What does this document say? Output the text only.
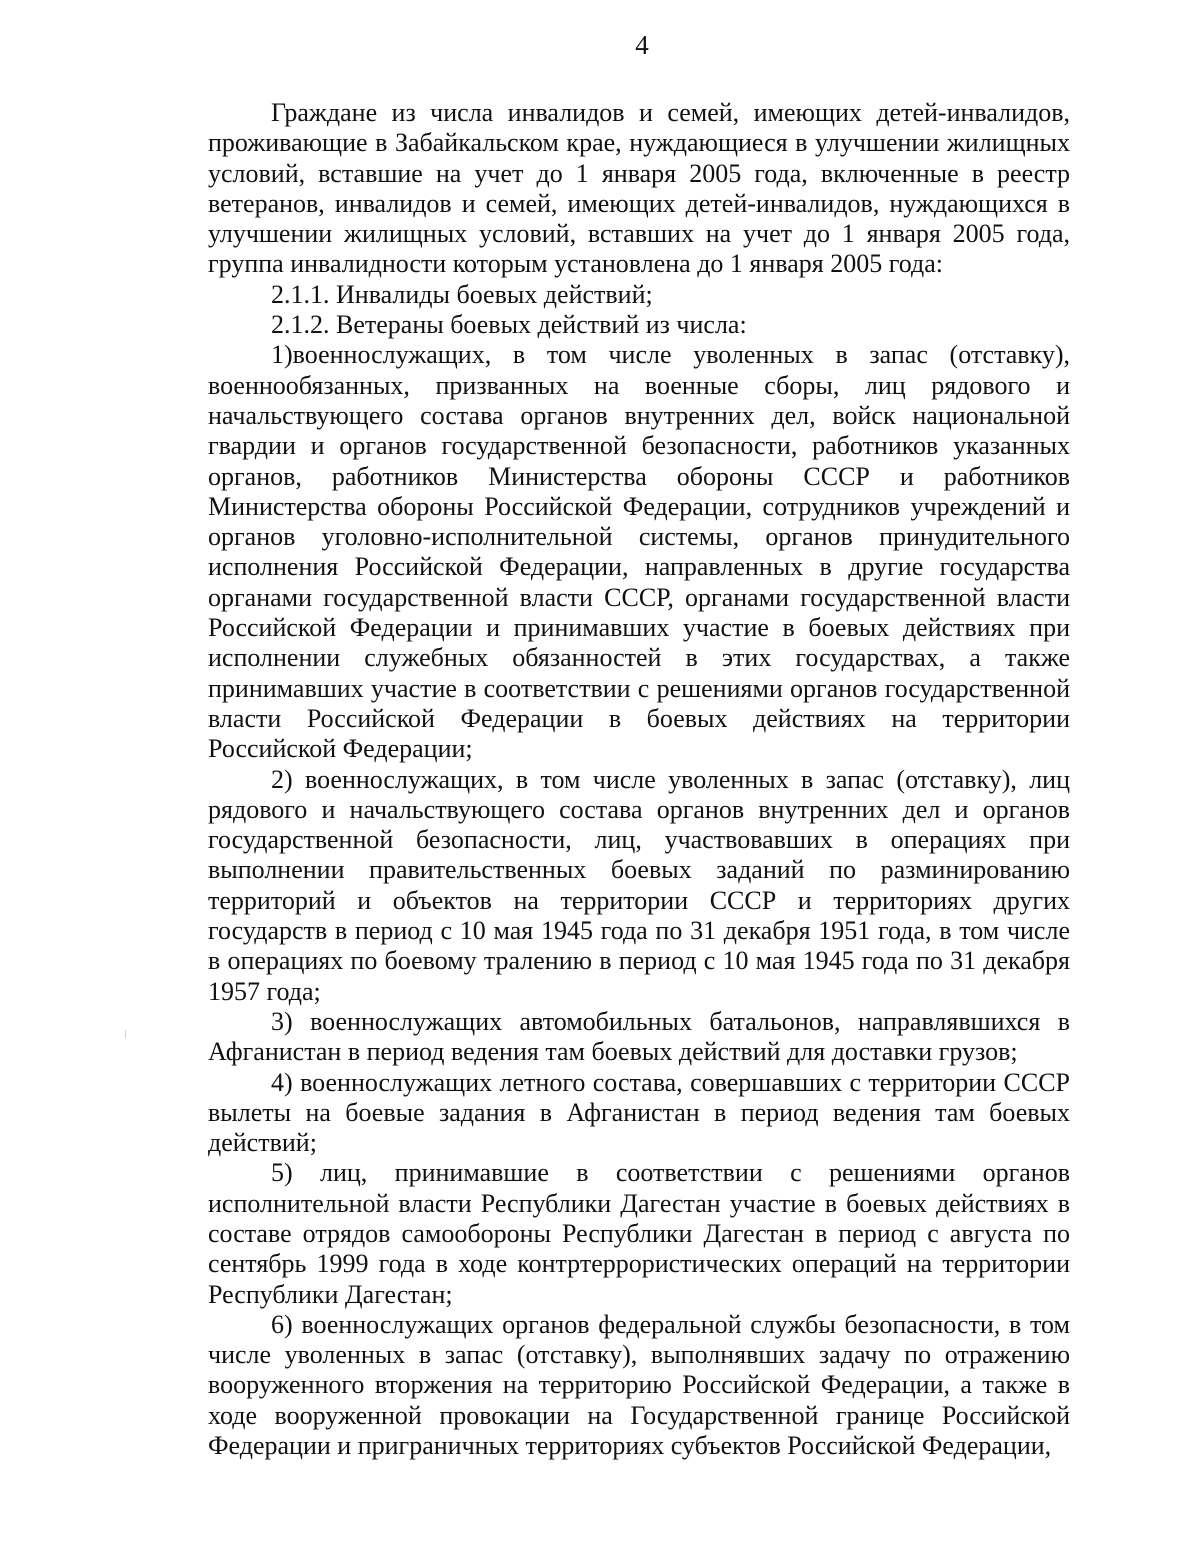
4

Граждане из числа инвалидов и семей, имеющих детей-инвалидов, проживающие в Забайкальском крае, нуждающиеся в улучшении жилищных условий, вставшие на учет до 1 января 2005 года, включенные в реестр ветеранов, инвалидов и семей, имеющих детей-инвалидов, нуждающихся в улучшении жилищных условий, вставших на учет до 1 января 2005 года, группа инвалидности которым установлена до 1 января 2005 года:

2.1.1. Инвалиды боевых действий;

2.1.2. Ветераны боевых действий из числа:

1)военнослужащих, в том числе уволенных в запас (отставку), военнообязанных, призванных на военные сборы, лиц рядового и начальствующего состава органов внутренних дел, войск национальной гвардии и органов государственной безопасности, работников указанных органов, работников Министерства обороны СССР и работников Министерства обороны Российской Федерации, сотрудников учреждений и органов уголовно-исполнительной системы, органов принудительного исполнения Российской Федерации, направленных в другие государства органами государственной власти СССР, органами государственной власти Российской Федерации и принимавших участие в боевых действиях при исполнении служебных обязанностей в этих государствах, а также принимавших участие в соответствии с решениями органов государственной власти Российской Федерации в боевых действиях на территории Российской Федерации;

2) военнослужащих, в том числе уволенных в запас (отставку), лиц рядового и начальствующего состава органов внутренних дел и органов государственной безопасности, лиц, участвовавших в операциях при выполнении правительственных боевых заданий по разминированию территорий и объектов на территории СССР и территориях других государств в период с 10 мая 1945 года по 31 декабря 1951 года, в том числе в операциях по боевому тралению в период с 10 мая 1945 года по 31 декабря 1957 года;

3) военнослужащих автомобильных батальонов, направлявшихся в Афганистан в период ведения там боевых действий для доставки грузов;

4) военнослужащих летного состава, совершавших с территории СССР вылеты на боевые задания в Афганистан в период ведения там боевых действий;

5) лиц, принимавшие в соответствии с решениями органов исполнительной власти Республики Дагестан участие в боевых действиях в составе отрядов самообороны Республики Дагестан в период с августа по сентябрь 1999 года в ходе контртеррористических операций на территории Республики Дагестан;

6) военнослужащих органов федеральной службы безопасности, в том числе уволенных в запас (отставку), выполнявших задачу по отражению вооруженного вторжения на территорию Российской Федерации, а также в ходе вооруженной провокации на Государственной границе Российской Федерации и приграничных территориях субъектов Российской Федерации,
